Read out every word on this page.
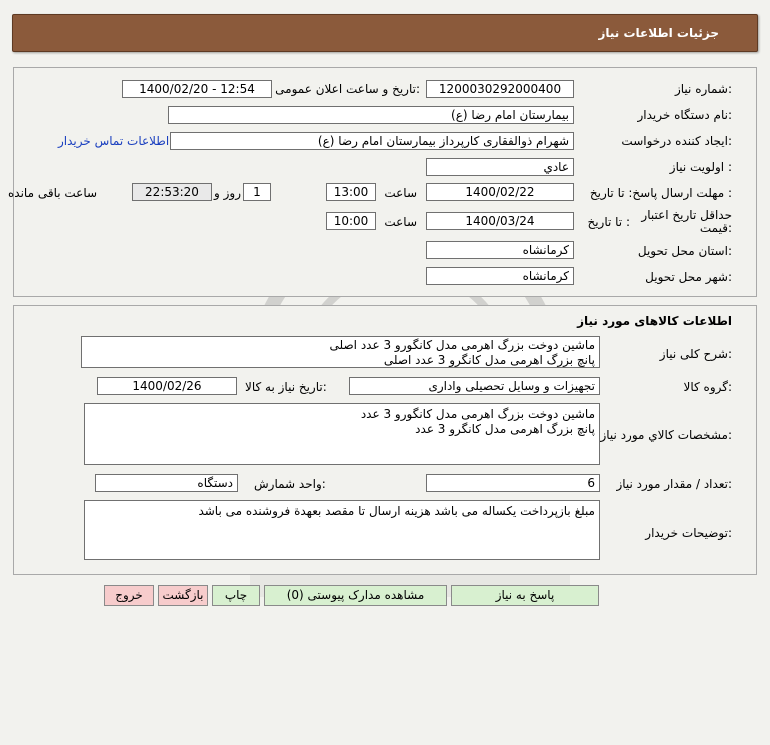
جزئیات اطلاعات نیاز
شماره نیاز:
1200030292000400
تاریخ و ساعت اعلان عمومی:
1400/02/20 - 12:54
نام دستگاه خریدار:
بیمارستان امام رضا (ع)
ایجاد کننده درخواست:
شهرام ذوالفقاری کارپرداز بیمارستان امام رضا (ع)
اطلاعات تماس خریدار
اولویت نیاز :
عادي
مهلت ارسال پاسخ: تا تاریخ :
1400/02/22
ساعت
13:00
1
روز و
22:53:20
ساعت باقی مانده
حداقل تاریخ اعتبار قیمت:
تا تاریخ :
1400/03/24
ساعت
10:00
استان محل تحویل:
کرمانشاه
شهر محل تحویل:
کرمانشاه
اطلاعات کالاهای مورد نیاز
شرح کلی نیاز:
ماشین دوخت بزرگ اهرمی مدل کانگورو 3 عدد اصلی
پانچ بزرگ اهرمی مدل کانگرو 3 عدد اصلی
گروه کالا:
تجهیزات و وسایل تحصیلی واداری
تاریخ نیاز به کالا:
1400/02/26
مشخصات کالاي مورد نیاز:
ماشین دوخت بزرگ اهرمی مدل کانگورو 3 عدد
پانچ بزرگ اهرمی مدل کانگرو 3 عدد
تعداد / مقدار مورد نیاز:
6
واحد شمارش:
دستگاه
توضیحات خریدار:
مبلغ بازپرداخت یکساله می باشد هزینه ارسال تا مقصد بعهدة فروشنده می باشد
پاسخ به نیاز
مشاهده مدارک پیوستی (0)
چاپ
بازگشت
خروج
